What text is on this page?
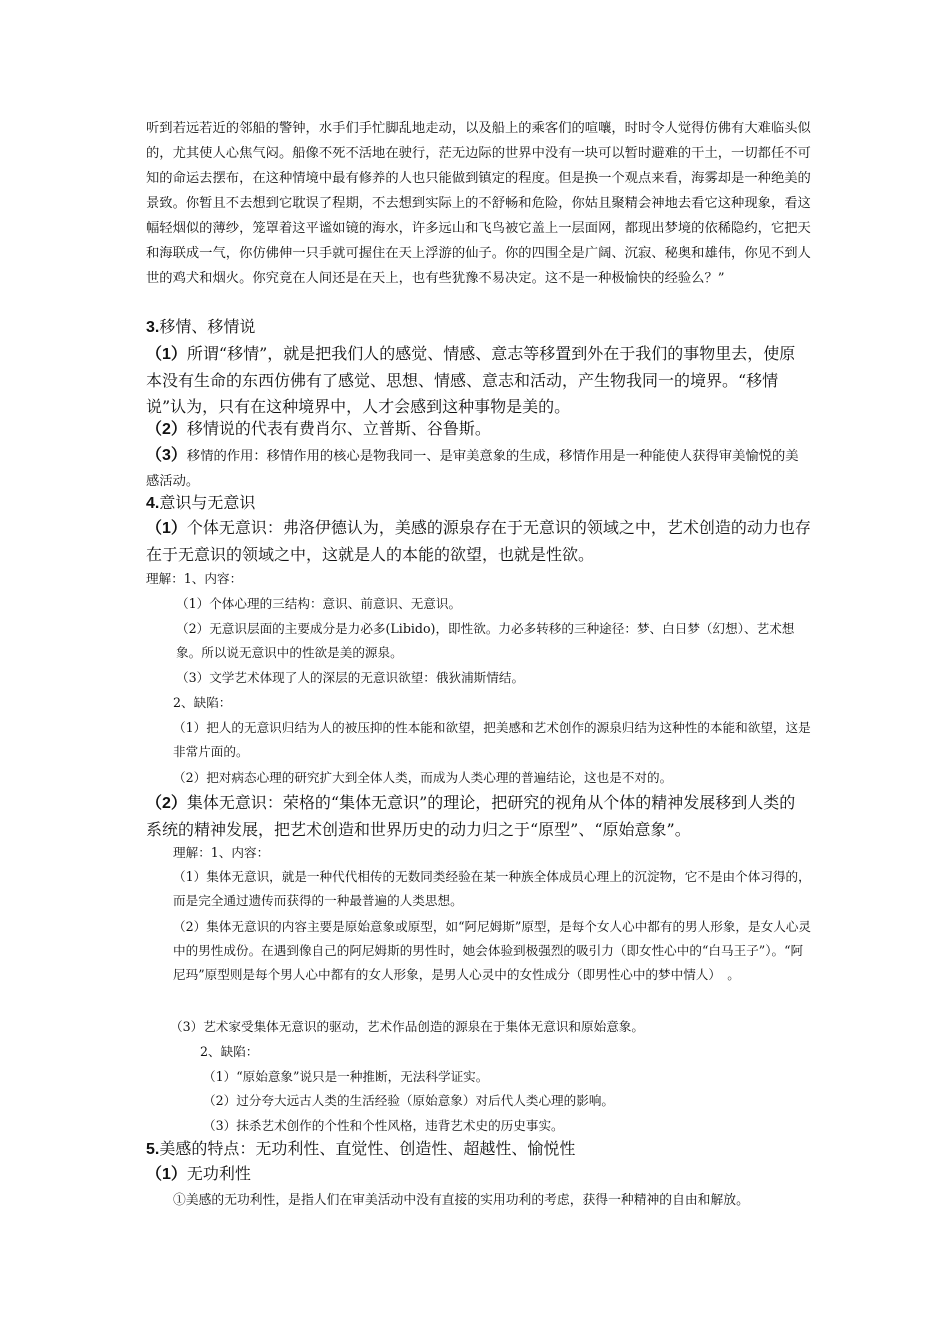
听到若远若近的邻船的警钟，水手们手忙脚乱地走动，以及船上的乘客们的喧嚷，时时令人觉得仿佛有大难临头似的，尤其使人心焦气闷。船像不死不活地在驶行，茫无边际的世界中没有一块可以暂时避难的干土，一切都任不可知的命运去摆布，在这种情境中最有修养的人也只能做到镇定的程度。但是换一个观点来看，海雾却是一种绝美的景致。你暂且不去想到它耽误了程期，不去想到实际上的不舒畅和危险，你姑且聚精会神地去看它这种现象，看这幅轻烟似的薄纱，笼罩着这平谧如镜的海水，许多远山和飞鸟被它盖上一层面网，都现出梦境的依稀隐约，它把天和海联成一气，你仿佛伸一只手就可握住在天上浮游的仙子。你的四围全是广阔、沉寂、秘奥和雄伟，你见不到人世的鸡犬和烟火。你究竟在人间还是在天上，也有些犹豫不易决定。这不是一种极愉快的经验么？”

3.移情、移情说

（1）所谓“移情”，就是把我们人的感觉、情感、意志等移置到外在于我们的事物里去，使原本没有生命的东西仿佛有了感觉、思想、情感、意志和活动，产生物我同一的境界。“移情说”认为，只有在这种境界中，人才会感到这种事物是美的。

（2）移情说的代表有费肖尔、立普斯、谷鲁斯。

（3）移情的作用：移情作用的核心是物我同一、是审美意象的生成，移情作用是一种能使人获得审美愉悦的美感活动。

4.意识与无意识

（1）个体无意识：弗洛伊德认为，美感的源泉存在于无意识的领域之中，艺术创造的动力也存在于无意识的领域之中，这就是人的本能的欲望，也就是性欲。

理解：1、内容：

（1）个体心理的三结构：意识、前意识、无意识。

（2）无意识层面的主要成分是力必多(Libido)，即性欲。力必多转移的三种途径：梦、白日梦（幻想）、艺术想象。所以说无意识中的性欲是美的源泉。

（3）文学艺术体现了人的深层的无意识欲望：俄狄浦斯情结。

2、缺陷：

（1）把人的无意识归结为人的被压抑的性本能和欲望，把美感和艺术创作的源泉归结为这种性的本能和欲望，这是非常片面的。

（2）把对病态心理的研究扩大到全体人类，而成为人类心理的普遍结论，这也是不对的。

（2）集体无意识：荣格的“集体无意识”的理论，把研究的视角从个体的精神发展移到人类的系统的精神发展，把艺术创造和世界历史的动力归之于“原型”、“原始意象”。

理解：1、内容：

（1）集体无意识，就是一种代代相传的无数同类经验在某一种族全体成员心理上的沉淀物，它不是由个体习得的，而是完全通过遗传而获得的一种最普遍的人类思想。

（2）集体无意识的内容主要是原始意象或原型，如“阿尼姆斯”原型，是每个女人心中都有的男人形象，是女人心灵中的男性成份。在遇到像自己的阿尼姆斯的男性时，她会体验到极强烈的吸引力（即女性心中的“白马王子”）。“阿尼玛”原型则是每个男人心中都有的女人形象，是男人心灵中的女性成分（即男性心中的梦中情人）　。

（3）艺术家受集体无意识的驱动，艺术作品创造的源泉在于集体无意识和原始意象。

2、缺陷：

（1）“原始意象”说只是一种推断，无法科学证实。

（2）过分夸大远古人类的生活经验（原始意象）对后代人类心理的影响。

（3）抹杀艺术创作的个性和个性风格，违背艺术史的历史事实。

5.美感的特点：无功利性、直觉性、创造性、超越性、愉悦性
（1）无功利性

①美感的无功利性，是指人们在审美活动中没有直接的实用功利的考虑，获得一种精神的自由和解放。
